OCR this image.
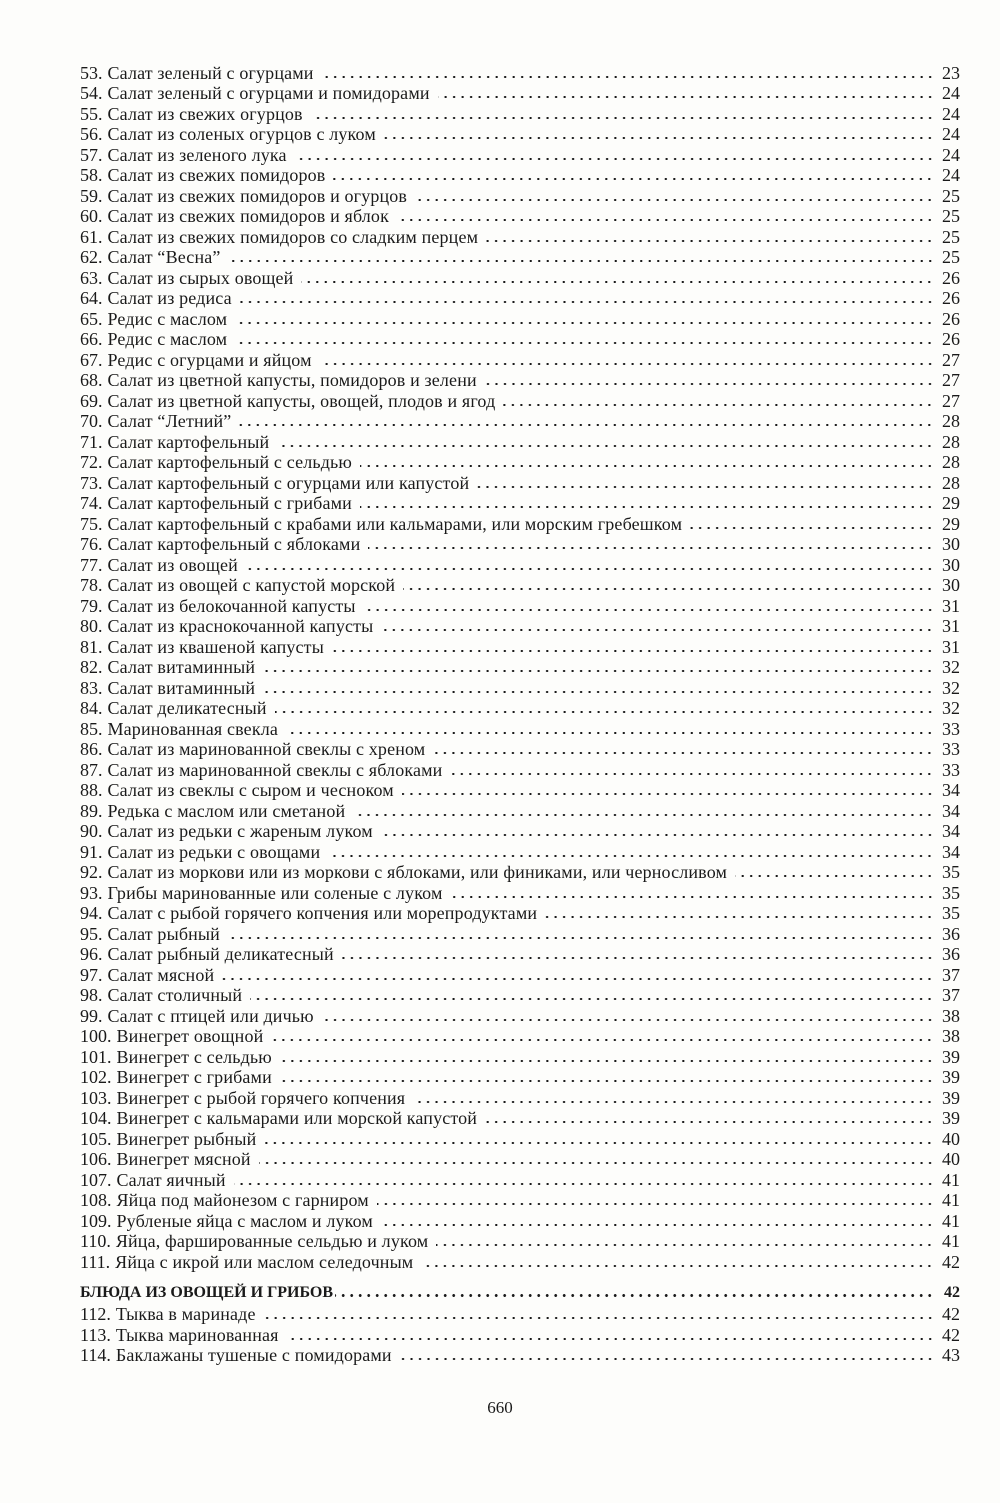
53. Салат зеленый с огурцами	23
54. Салат зеленый с огурцами и помидорами	24
55. Салат из свежих огурцов	24
56. Салат из соленых огурцов с луком	24
57. Салат из зеленого лука	24
58. Салат из свежих помидоров	24
59. Салат из свежих помидоров и огурцов	25
60. Салат из свежих помидоров и яблок	25
61. Салат из свежих помидоров со сладким перцем	25
62. Салат “Весна”	25
63. Салат из сырых овощей	26
64. Салат из редиса	26
65. Редис с маслом	26
66. Редис с маслом	26
67. Редис с огурцами и яйцом	27
68. Салат из цветной капусты, помидоров и зелени	27
69. Салат из цветной капусты, овощей, плодов и ягод	27
70. Салат “Летний”	28
71. Салат картофельный	28
72. Салат картофельный с сельдью	28
73. Салат картофельный с огурцами или капустой	28
74. Салат картофельный с грибами	29
75. Салат картофельный с крабами или кальмарами, или морским гребешком	29
76. Салат картофельный с яблоками	30
77. Салат из овощей	30
78. Салат из овощей с капустой морской	30
79. Салат из белокочанной капусты	31
80. Салат из краснокочанной капусты	31
81. Салат из квашеной капусты	31
82. Салат витаминный	32
83. Салат витаминный	32
84. Салат деликатесный	32
85. Маринованная свекла	33
86. Салат из маринованной свеклы с хреном	33
87. Салат из маринованной свеклы с яблоками	33
88. Салат из свеклы с сыром и чесноком	34
89. Редька с маслом или сметаной	34
90. Салат из редьки с жареным луком	34
91. Салат из редьки с овощами	34
92. Салат из моркови или из моркови с яблоками, или финиками, или черносливом	35
93. Грибы маринованные или соленые с луком	35
94. Салат с рыбой горячего копчения или морепродуктами	35
95. Салат рыбный	36
96. Салат рыбный деликатесный	36
97. Салат мясной	37
98. Салат столичный	37
99. Салат с птицей или дичью	38
100. Винегрет овощной	38
101. Винегрет с сельдью	39
102. Винегрет с грибами	39
103. Винегрет с рыбой горячего копчения	39
104. Винегрет с кальмарами или морской капустой	39
105. Винегрет рыбный	40
106. Винегрет мясной	40
107. Салат яичный	41
108. Яйца под майонезом с гарниром	41
109. Рубленые яйца с маслом и луком	41
110. Яйца, фаршированные сельдью и луком	41
111. Яйца с икрой или маслом селедочным	42
БЛЮДА ИЗ ОВОЩЕЙ И ГРИБОВ	42
112. Тыква в маринаде	42
113. Тыква маринованная	42
114. Баклажаны тушеные с помидорами	43
660
